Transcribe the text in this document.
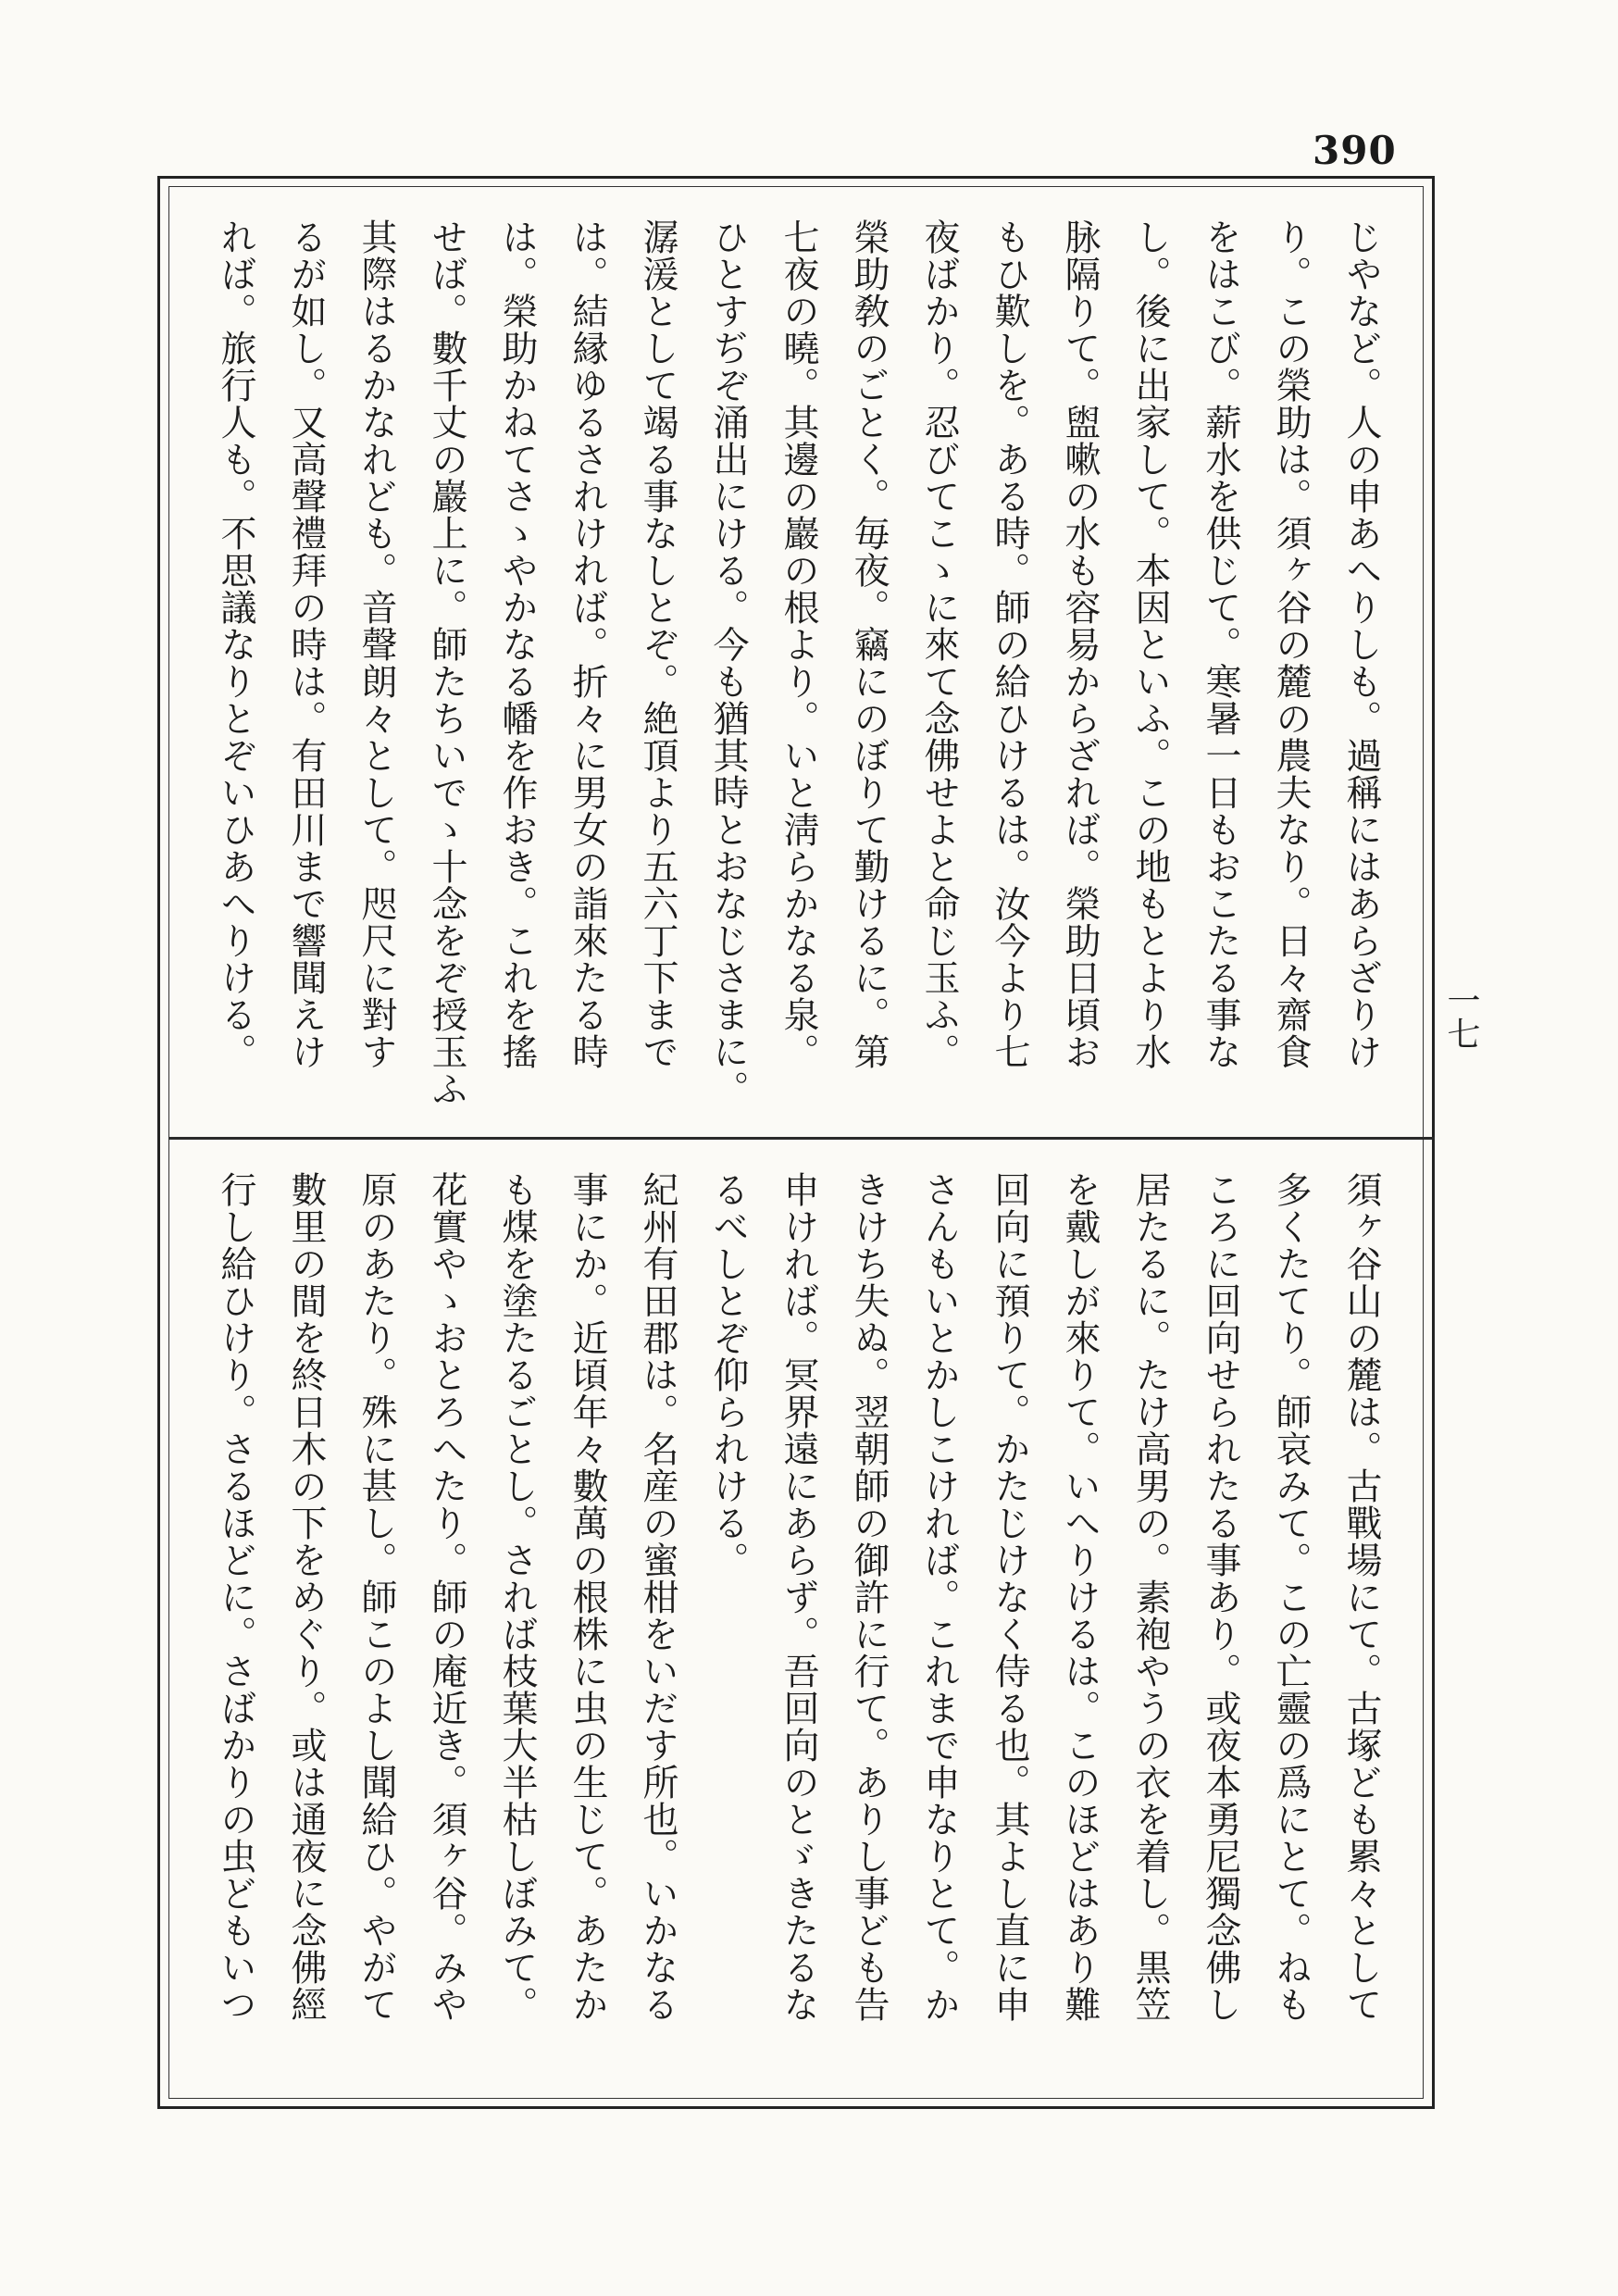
390
じやなど。人の申あへりしも。過稱にはあらざりけ
り。この榮助は。須ヶ谷の麓の農夫なり。日々齋食
をはこび。薪水を供じて。寒暑一日もおこたる事な
し。後に出家して。本因といふ。この地もとより水
脉隔りて。盥嗽の水も容易からざれば。榮助日頃お
もひ歎しを。ある時。師の給ひけるは。汝今より七
夜ばかり。忍びてこゝに來て念佛せよと命じ玉ふ。
榮助敎のごとく。毎夜。竊にのぼりて勤けるに。第
七夜の曉。其邊の巖の根より。いと淸らかなる泉。
ひとすぢぞ涌出にける。今も猶其時とおなじさまに。
潺湲として竭る事なしとぞ。絶頂より五六丁下まで
は。結縁ゆるされければ。折々に男女の詣來たる時
は。榮助かねてさゝやかなる幡を作おき。これを搖
せば。數千丈の巖上に。師たちいでゝ十念をぞ授玉ふ
其際はるかなれども。音聲朗々として。咫尺に對す
るが如し。又高聲禮拜の時は。有田川まで響聞えけ
れば。旅行人も。不思議なりとぞいひあへりける。
須ヶ谷山の麓は。古戰場にて。古塚ども累々として
多くたてり。師哀みて。この亡靈の爲にとて。ねも
ころに回向せられたる事あり。或夜本勇尼獨念佛し
居たるに。たけ高男の。素袍やうの衣を着し。黒笠
を戴しが來りて。いへりけるは。このほどはあり難
回向に預りて。かたじけなく侍る也。其よし直に申
さんもいとかしこければ。これまで申なりとて。か
きけち失ぬ。翌朝師の御許に行て。ありし事ども告
申ければ。冥界遠にあらず。吾回向のとゞきたるな
るべしとぞ仰られける。
紀州有田郡は。名産の蜜柑をいだす所也。いかなる
事にか。近頃年々數萬の根株に虫の生じて。あたか
も煤を塗たるごとし。されば枝葉大半枯しぼみて。
花實やゝおとろへたり。師の庵近き。須ヶ谷。みや
原のあたり。殊に甚し。師このよし聞給ひ。やがて
數里の間を終日木の下をめぐり。或は通夜に念佛經
行し給ひけり。さるほどに。さばかりの虫どもいつ
一七
